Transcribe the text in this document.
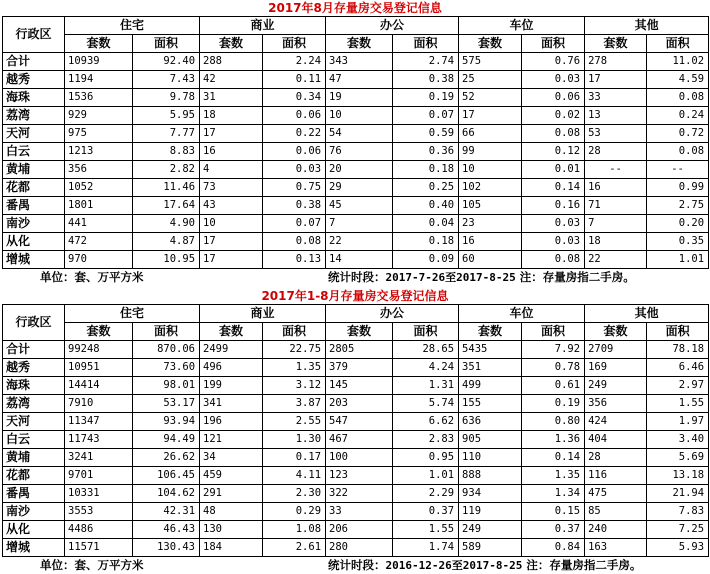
2017年8月存量房交易登记信息
行政区	住宅		商业		办公		车位		其他	
	套数	面积	套数	面积	套数	面积	套数	面积	套数	面积
合计	10939	92.40	288	2.24	343	2.74	575	0.76	278	11.02
越秀	1194	7.43	42	0.11	47	0.38	25	0.03	17	4.59
海珠	1536	9.78	31	0.34	19	0.19	52	0.06	33	0.08
荔湾	929	5.95	18	0.06	10	0.07	17	0.02	13	0.24
天河	975	7.77	17	0.22	54	0.59	66	0.08	53	0.72
白云	1213	8.83	16	0.06	76	0.36	99	0.12	28	0.08
黄埔	356	2.82	4	0.03	20	0.18	10	0.01	--	--
花都	1052	11.46	73	0.75	29	0.25	102	0.14	16	0.99
番禺	1801	17.64	43	0.38	45	0.40	105	0.16	71	2.75
南沙	441	4.90	10	0.07	7	0.04	23	0.03	7	0.20
从化	472	4.87	17	0.08	22	0.18	16	0.03	18	0.35
增城	970	10.95	17	0.13	14	0.09	60	0.08	22	1.01
单位：套、万平方米	统计时段：2017-7-26至2017-8-25 注：存量房指二手房。
2017年1-8月存量房交易登记信息
行政区	住宅		商业		办公		车位		其他	
	套数	面积	套数	面积	套数	面积	套数	面积	套数	面积
合计	99248	870.06	2499	22.75	2805	28.65	5435	7.92	2709	78.18
越秀	10951	73.60	496	1.35	379	4.24	351	0.78	169	6.46
海珠	14414	98.01	199	3.12	145	1.31	499	0.61	249	2.97
荔湾	7910	53.17	341	3.87	203	5.74	155	0.19	356	1.55
天河	11347	93.94	196	2.55	547	6.62	636	0.80	424	1.97
白云	11743	94.49	121	1.30	467	2.83	905	1.36	404	3.40
黄埔	3241	26.62	34	0.17	100	0.95	110	0.14	28	5.69
花都	9701	106.45	459	4.11	123	1.01	888	1.35	116	13.18
番禺	10331	104.62	291	2.30	322	2.29	934	1.34	475	21.94
南沙	3553	42.31	48	0.29	33	0.37	119	0.15	85	7.83
从化	4486	46.43	130	1.08	206	1.55	249	0.37	240	7.25
增城	11571	130.43	184	2.61	280	1.74	589	0.84	163	5.93
单位：套、万平方米	统计时段：2016-12-26至2017-8-25 注：存量房指二手房。
